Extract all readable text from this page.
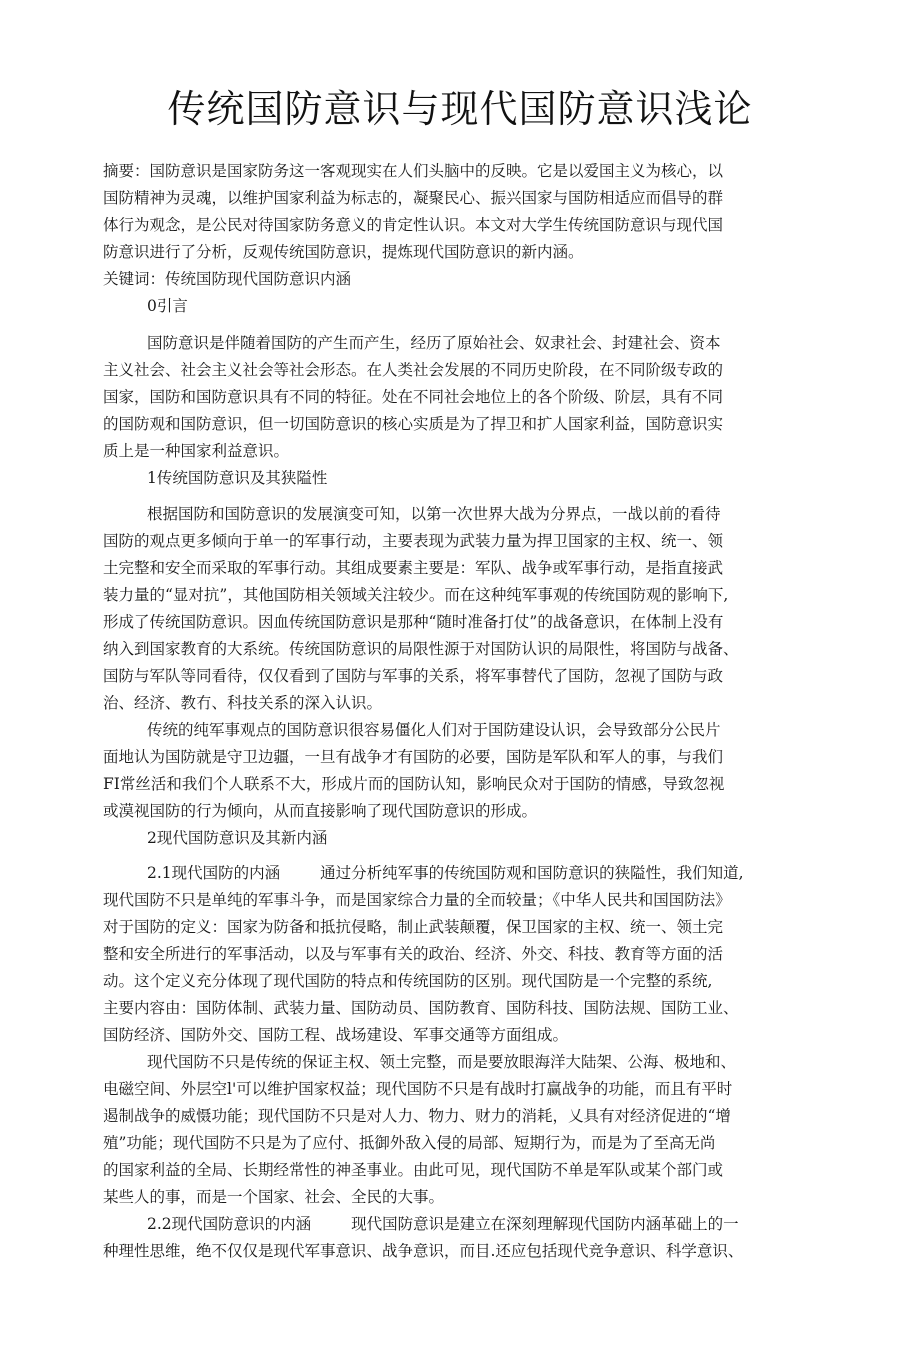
传统国防意识与现代国防意识浅论

摘要：国防意识是国家防务这一客观现实在人们头脑中的反映。它是以爱国主义为核心，以

国防精神为灵魂，以维护国家利益为标志的，凝聚民心、振兴国家与国防相适应而倡导的群

体行为观念，是公民对待国家防务意义的肯定性认识。本文对大学生传统国防意识与现代国

防意识进行了分析，反观传统国防意识，提炼现代国防意识的新内涵。

关键词：传统国防现代国防意识内涵

0引言

国防意识是伴随着国防的产生而产生，经历了原始社会、奴隶社会、封建社会、资本

主义社会、社会主义社会等社会形态。在人类社会发展的不同历史阶段，在不同阶级专政的

国家，国防和国防意识具有不同的特征。处在不同社会地位上的各个阶级、阶层，具有不同

的国防观和国防意识，但一切国防意识的核心实质是为了捍卫和扩人国家利益，国防意识实

质上是一种国家利益意识。

1传统国防意识及其狭隘性

根据国防和国防意识的发展演变可知，以第一次世界大战为分界点，一战以前的看待

国防的观点更多倾向于单一的军事行动，主要表现为武装力量为捍卫国家的主权、统一、领

土完整和安全而采取的军事行动。其组成要素主要是：军队、战争或军事行动，是指直接武

装力量的“显对抗”，其他国防相关领域关注较少。而在这种纯军事观的传统国防观的影响下,

形成了传统国防意识。因血传统国防意识是那种“随时准备打仗”的战备意识，在体制上没有

纳入到国家教育的大系统。传统国防意识的局限性源于对国防认识的局限性，将国防与战备、

国防与军队等同看待，仅仅看到了国防与军事的关系，将军事替代了国防，忽视了国防与政

治、经济、教冇、科技关系的深入认识。

传统的纯军事观点的国防意识很容易僵化人们对于国防建设认识，会导致部分公民片

面地认为国防就是守卫边疆，一旦有战争才有国防的必要，国防是军队和军人的事，与我们

FI常丝活和我们个人联系不大，形成片而的国防认知，影响民众对于国防的情感，导致忽视

或漠视国防的行为倾向，从而直接影响了现代国防意识的形成。

2现代国防意识及其新内涵

2.1现代国防的内涵	通过分析纯军事的传统国防观和国防意识的狭隘性，我们知道,

现代国防不只是单纯的军事斗争，而是国家综合力量的全而较量；《中华人民共和国国防法》

对于国防的定义：国家为防备和抵抗侵略，制止武装颠覆，保卫国家的主权、统一、领土完

整和安全所进行的军事活动，以及与军事有关的政治、经济、外交、科技、教育等方面的活

动。这个定义充分体现了现代国防的特点和传统国防的区别。现代国防是一个完整的系统,

主要内容由：国防体制、武装力量、国防动员、国防教育、国防科技、国防法规、国防工业、

国防经济、国防外交、国防工程、战场建设、军事交通等方面组成。

现代国防不只是传统的保证主权、领土完整，而是要放眼海洋大陆架、公海、极地和、

电磁空间、外层空l'可以维护国家权益；现代国防不只是有战时打赢战争的功能，而且有平时

遏制战争的威慑功能；现代国防不只是对人力、物力、财力的消耗，乂具有对经济促进的“增

殖”功能；现代国防不只是为了应付、抵御外敌入侵的局部、短期行为，而是为了至高无尚

的国家利益的全局、长期经常性的神圣事业。由此可见，现代国防不单是军队或某个部门或

某些人的事，而是一个国家、社会、全民的大事。

2.2现代国防意识的内涵	现代国防意识是建立在深刻理解现代国防内涵革础上的一

种理性思维，绝不仅仅是现代军事意识、战争意识，而目.还应包括现代竞争意识、科学意识、
